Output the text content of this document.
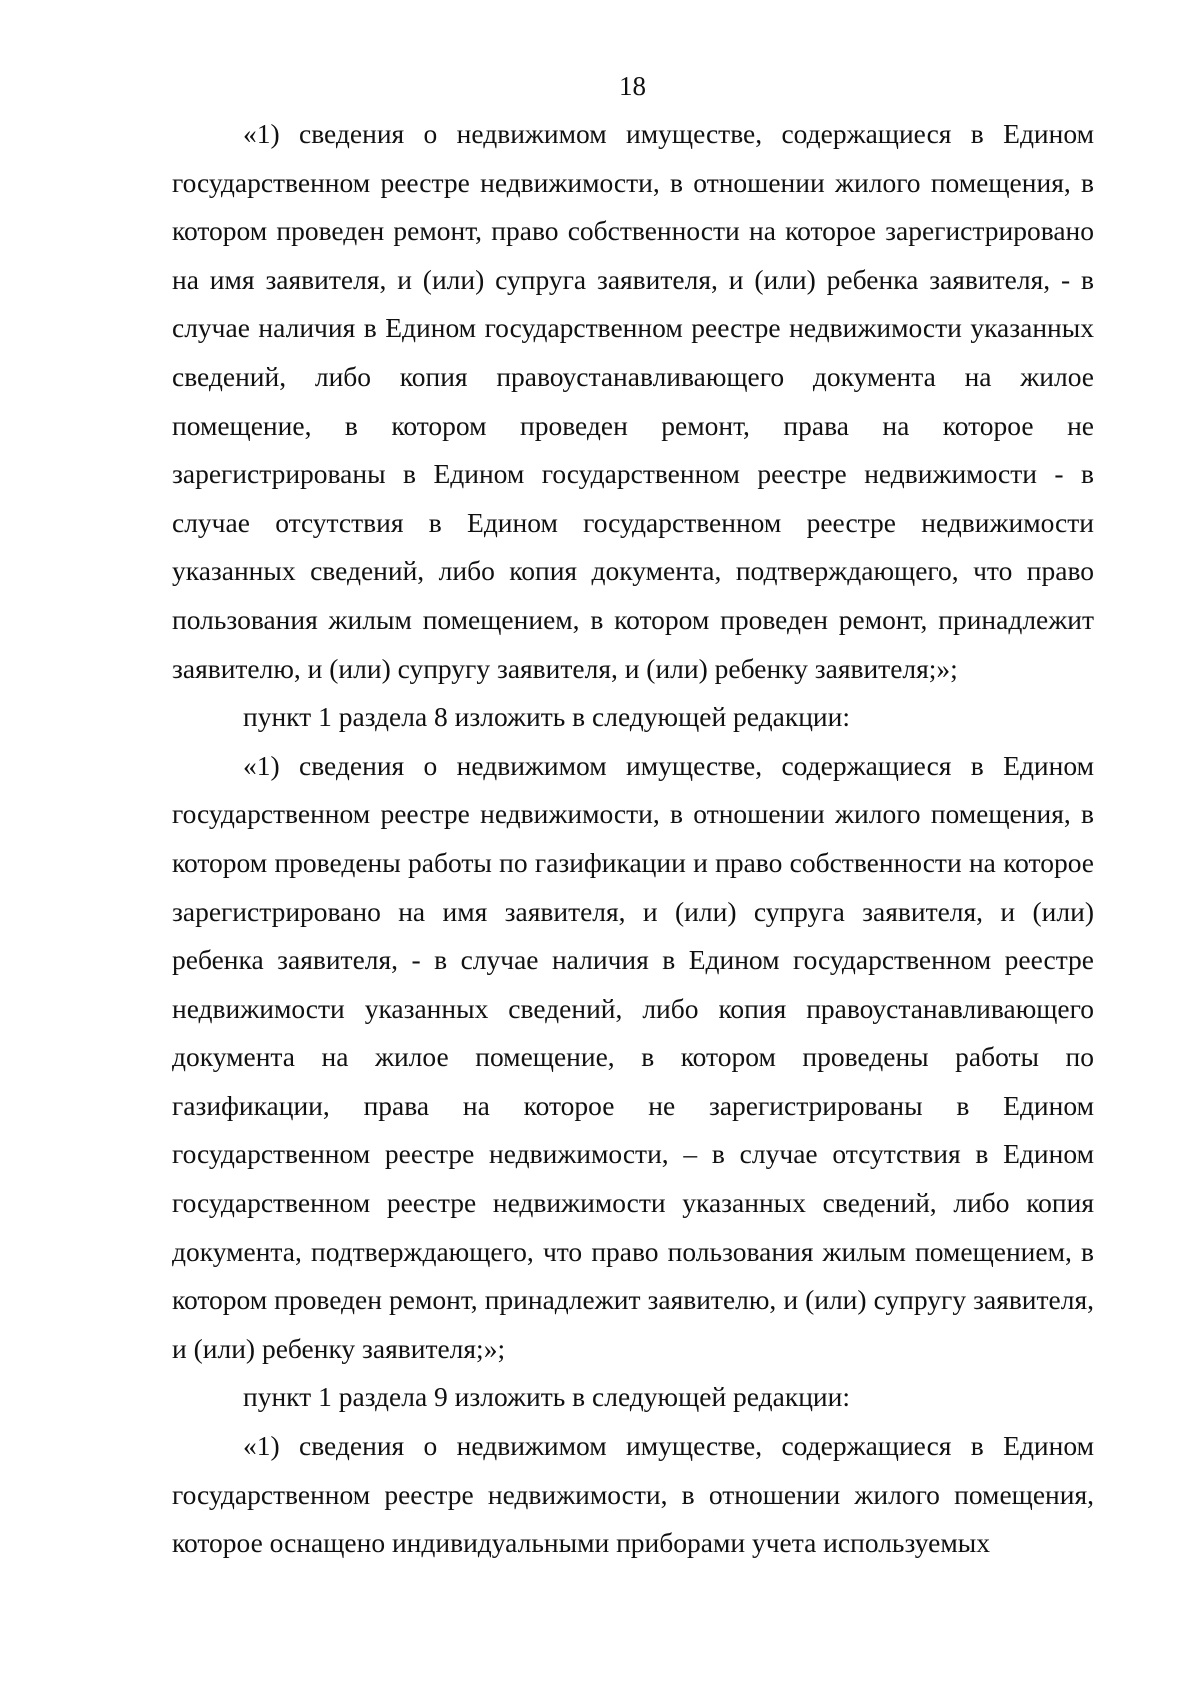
18

«1) сведения о недвижимом имуществе, содержащиеся в Едином государственном реестре недвижимости, в отношении жилого помещения, в котором проведен ремонт, право собственности на которое зарегистрировано на имя заявителя, и (или) супруга заявителя, и (или) ребенка заявителя, - в случае наличия в Едином государственном реестре недвижимости указанных сведений, либо копия правоустанавливающего документа на жилое помещение, в котором проведен ремонт, права на которое не зарегистрированы в Едином государственном реестре недвижимости - в случае отсутствия в Едином государственном реестре недвижимости указанных сведений, либо копия документа, подтверждающего, что право пользования жилым помещением, в котором проведен ремонт, принадлежит заявителю, и (или) супругу заявителя, и (или) ребенку заявителя;»;

пункт 1 раздела 8 изложить в следующей редакции:

«1) сведения о недвижимом имуществе, содержащиеся в Едином государственном реестре недвижимости, в отношении жилого помещения, в котором проведены работы по газификации и право собственности на которое зарегистрировано на имя заявителя, и (или) супруга заявителя, и (или) ребенка заявителя, - в случае наличия в Едином государственном реестре недвижимости указанных сведений, либо копия правоустанавливающего документа на жилое помещение, в котором проведены работы по газификации, права на которое не зарегистрированы в Едином государственном реестре недвижимости, – в случае отсутствия в Едином государственном реестре недвижимости указанных сведений, либо копия документа, подтверждающего, что право пользования жилым помещением, в котором проведен ремонт, принадлежит заявителю, и (или) супругу заявителя, и (или) ребенку заявителя;»;

пункт 1 раздела 9 изложить в следующей редакции:

«1) сведения о недвижимом имуществе, содержащиеся в Едином государственном реестре недвижимости, в отношении жилого помещения, которое оснащено индивидуальными приборами учета используемых
